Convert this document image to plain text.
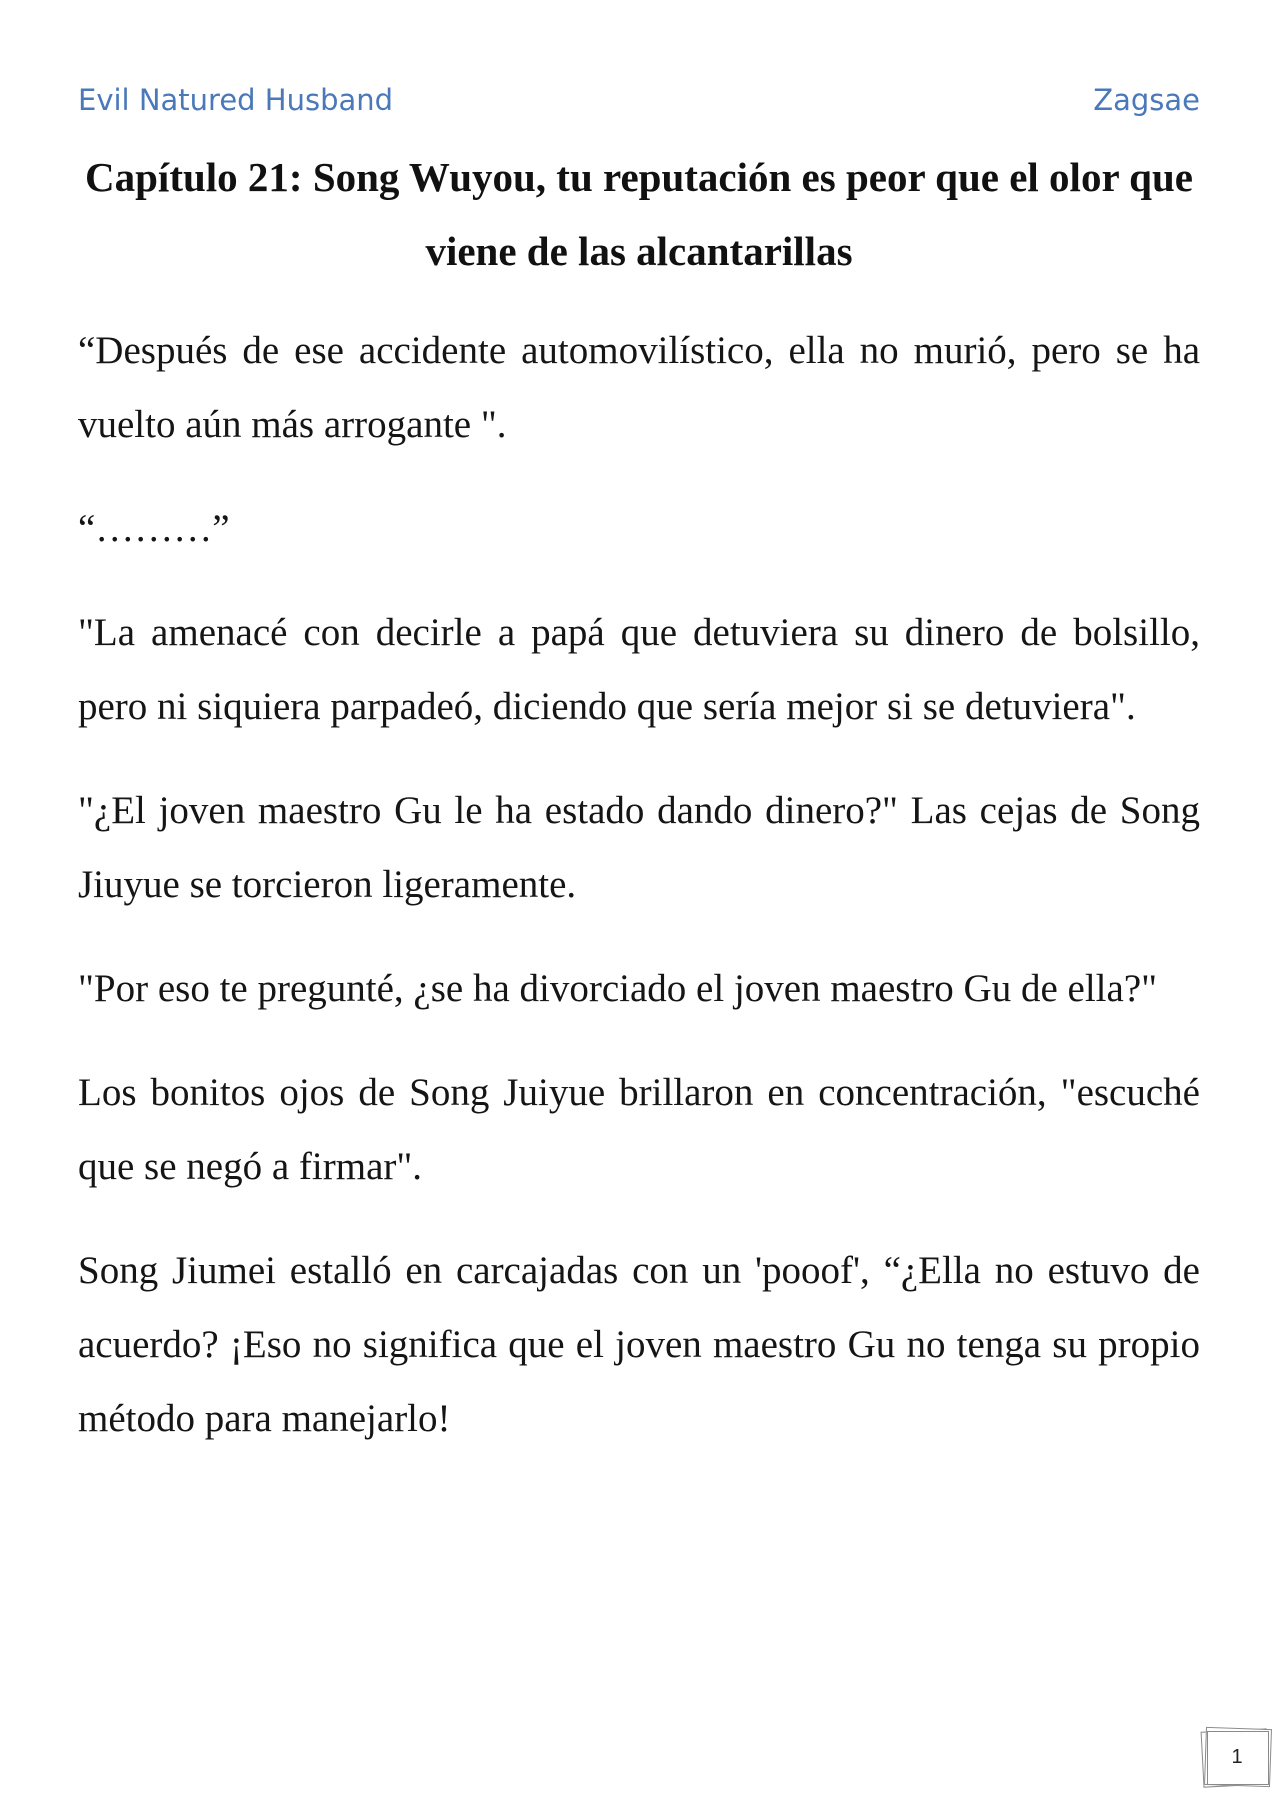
Evil Natured Husband	Zagsae
Capítulo 21: Song Wuyou, tu reputación es peor que el olor que viene de las alcantarillas

“Después de ese accidente automovilístico, ella no murió, pero se ha vuelto aún más arrogante ".

“………”

"La amenacé con decirle a papá que detuviera su dinero de bolsillo, pero ni siquiera parpadeó, diciendo que sería mejor si se detuviera".

"¿El joven maestro Gu le ha estado dando dinero?" Las cejas de Song Jiuyue se torcieron ligeramente.

"Por eso te pregunté, ¿se ha divorciado el joven maestro Gu de ella?"

Los bonitos ojos de Song Juiyue brillaron en concentración, "escuché que se negó a firmar".

Song Jiumei estalló en carcajadas con un 'pooof', “¿Ella no estuvo de acuerdo? ¡Eso no significa que el joven maestro Gu no tenga su propio método para manejarlo!

1
